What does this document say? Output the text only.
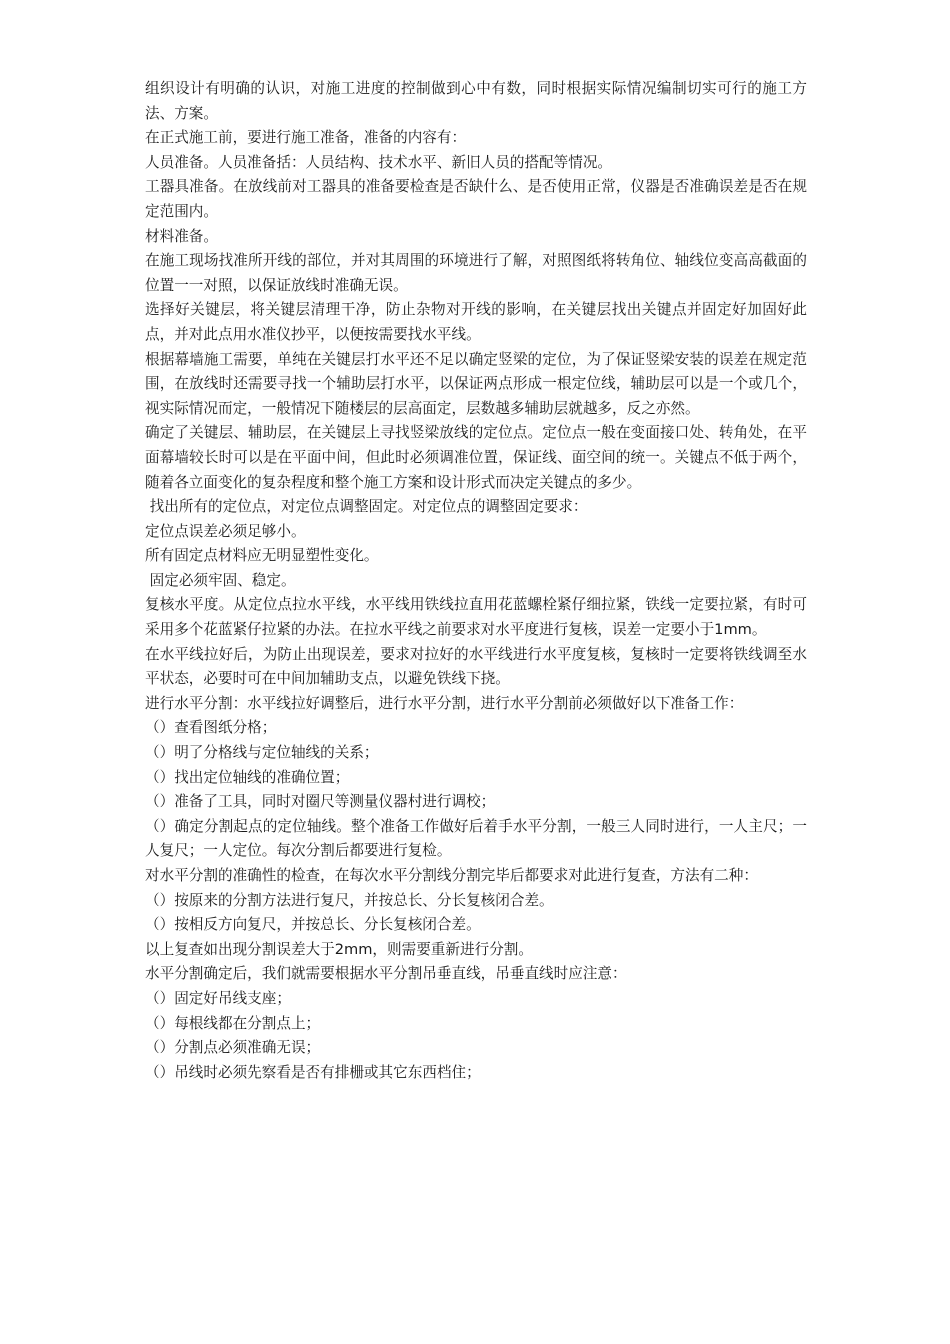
组织设计有明确的认识，对施工进度的控制做到心中有数，同时根据实际情况编制切实可行的施工方法、方案。

在正式施工前，要进行施工准备，准备的内容有：

人员准备。人员准备括：人员结构、技术水平、新旧人员的搭配等情况。

工器具准备。在放线前对工器具的准备要检查是否缺什么、是否使用正常，仪器是否准确误差是否在规定范围内。

材料准备。

在施工现场找准所开线的部位，并对其周围的环境进行了解，对照图纸将转角位、轴线位变高高截面的位置一一对照，以保证放线时准确无误。

选择好关键层，将关键层清理干净，防止杂物对开线的影响，在关键层找出关键点并固定好加固好此点，并对此点用水准仪抄平，以便按需要找水平线。

根据幕墙施工需要，单纯在关键层打水平还不足以确定竖梁的定位，为了保证竖梁安装的误差在规定范围，在放线时还需要寻找一个辅助层打水平，以保证两点形成一根定位线，辅助层可以是一个或几个，视实际情况而定，一般情况下随楼层的层高面定，层数越多辅助层就越多，反之亦然。

确定了关键层、辅助层，在关键层上寻找竖梁放线的定位点。定位点一般在变面接口处、转角处，在平面幕墙较长时可以是在平面中间，但此时必须调准位置，保证线、面空间的统一。关键点不低于两个，随着各立面变化的复杂程度和整个施工方案和设计形式而决定关键点的多少。

找出所有的定位点，对定位点调整固定。对定位点的调整固定要求：

定位点误差必须足够小。

所有固定点材料应无明显塑性变化。

固定必须牢固、稳定。

复核水平度。从定位点拉水平线，水平线用铁线拉直用花蓝螺栓紧仔细拉紧，铁线一定要拉紧，有时可采用多个花蓝紧仔拉紧的办法。在拉水平线之前要求对水平度进行复核，误差一定要小于1mm。

在水平线拉好后，为防止出现误差，要求对拉好的水平线进行水平度复核，复核时一定要将铁线调至水平状态，必要时可在中间加辅助支点，以避免铁线下挠。

进行水平分割：水平线拉好调整后，进行水平分割，进行水平分割前必须做好以下准备工作：

（）查看图纸分格；

（）明了分格线与定位轴线的关系；

（）找出定位轴线的准确位置；

（）准备了工具，同时对圈尺等测量仪器村进行调校；

（）确定分割起点的定位轴线。整个准备工作做好后着手水平分割，一般三人同时进行，一人主尺；一人复尺；一人定位。每次分割后都要进行复检。

对水平分割的准确性的检查，在每次水平分割线分割完毕后都要求对此进行复查，方法有二种：

（）按原来的分割方法进行复尺，并按总长、分长复核闭合差。

（）按相反方向复尺，并按总长、分长复核闭合差。

以上复查如出现分割误差大于2mm，则需要重新进行分割。

水平分割确定后，我们就需要根据水平分割吊垂直线，吊垂直线时应注意：

（）固定好吊线支座；

（）每根线都在分割点上；

（）分割点必须准确无误；

（）吊线时必须先察看是否有排栅或其它东西档住；
